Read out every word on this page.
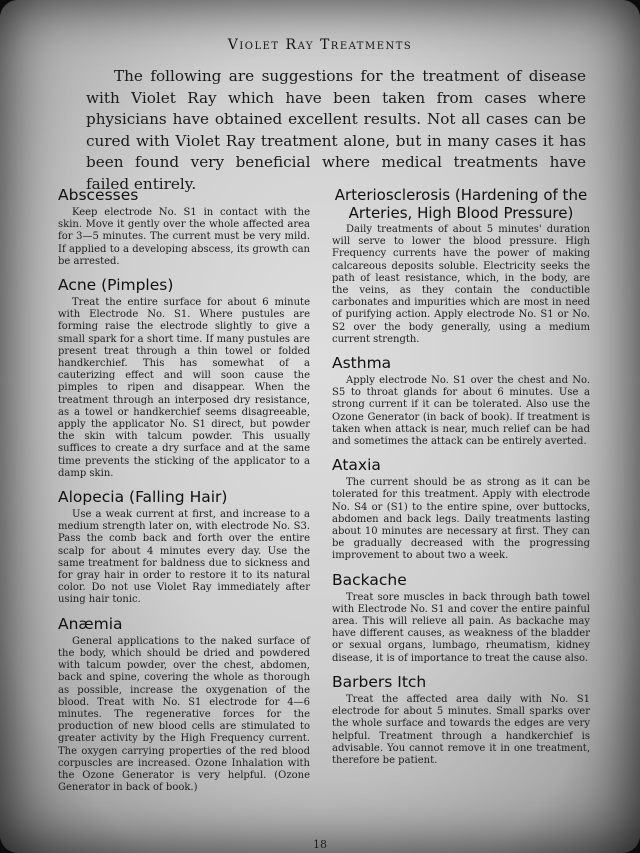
Violet Ray Treatments
The following are suggestions for the treatment of disease with Violet Ray which have been taken from cases where physicians have obtained excellent results. Not all cases can be cured with Violet Ray treatment alone, but in many cases it has been found very beneficial where medical treatments have failed entirely.
Abscesses
Keep electrode No. S1 in contact with the skin. Move it gently over the whole affected area for 3—5 minutes. The current must be very mild. If applied to a developing abscess, its growth can be arrested.
Acne (Pimples)
Treat the entire surface for about 6 minute with Electrode No. S1. Where pustules are forming raise the electrode slightly to give a small spark for a short time. If many pustules are present treat through a thin towel or folded handkerchief. This has somewhat of a cauterizing effect and will soon cause the pimples to ripen and disappear. When the treatment through an interposed dry resistance, as a towel or handkerchief seems disagreeable, apply the applicator No. S1 direct, but powder the skin with talcum powder. This usually suffices to create a dry surface and at the same time prevents the sticking of the applicator to a damp skin.
Alopecia (Falling Hair)
Use a weak current at first, and increase to a medium strength later on, with electrode No. S3. Pass the comb back and forth over the entire scalp for about 4 minutes every day. Use the same treatment for baldness due to sickness and for gray hair in order to restore it to its natural color. Do not use Violet Ray immediately after using hair tonic.
Anæmia
General applications to the naked surface of the body, which should be dried and powdered with talcum powder, over the chest, abdomen, back and spine, covering the whole as thorough as possible, increase the oxygenation of the blood. Treat with No. S1 electrode for 4—6 minutes. The regenerative forces for the production of new blood cells are stimulated to greater activity by the High Frequency current. The oxygen carrying properties of the red blood corpuscles are increased. Ozone Inhalation with the Ozone Generator is very helpful. (Ozone Generator in back of book.)
Arteriosclerosis (Hardening of the Arteries, High Blood Pressure)
Daily treatments of about 5 minutes' duration will serve to lower the blood pressure. High Frequency currents have the power of making calcareous deposits soluble. Electricity seeks the path of least resistance, which, in the body, are the veins, as they contain the conductible carbonates and impurities which are most in need of purifying action. Apply electrode No. S1 or No. S2 over the body generally, using a medium current strength.
Asthma
Apply electrode No. S1 over the chest and No. S5 to throat glands for about 6 minutes. Use a strong current if it can be tolerated. Also use the Ozone Generator (in back of book). If treatment is taken when attack is near, much relief can be had and sometimes the attack can be entirely averted.
Ataxia
The current should be as strong as it can be tolerated for this treatment. Apply with electrode No. S4 or (S1) to the entire spine, over buttocks, abdomen and back legs. Daily treatments lasting about 10 minutes are necessary at first. They can be gradually decreased with the progressing improvement to about two a week.
Backache
Treat sore muscles in back through bath towel with Electrode No. S1 and cover the entire painful area. This will relieve all pain. As backache may have different causes, as weakness of the bladder or sexual organs, lumbago, rheumatism, kidney disease, it is of importance to treat the cause also.
Barbers Itch
Treat the affected area daily with No. S1 electrode for about 5 minutes. Small sparks over the whole surface and towards the edges are very helpful. Treatment through a handkerchief is advisable. You cannot remove it in one treatment, therefore be patient.
18
